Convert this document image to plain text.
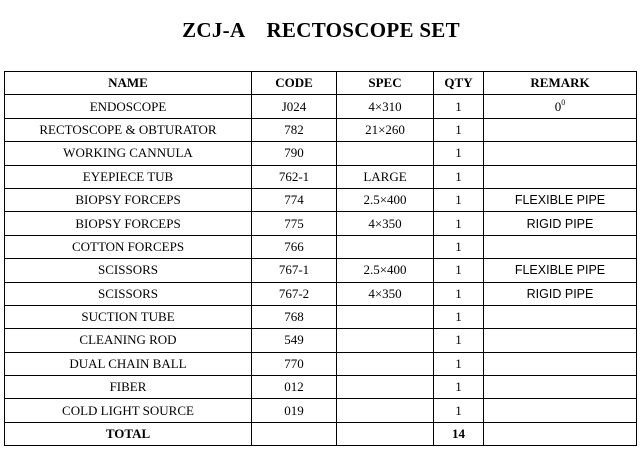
ZCJ-A    RECTOSCOPE SET
NAME	CODE	SPEC	QTY	REMARK
ENDOSCOPE	J024	4×310	1	$0^0$
RECTOSCOPE & OBTURATOR	782	21×260	1	
WORKING CANNULA	790		1	
EYEPIECE TUB	762-1	LARGE	1	
BIOPSY FORCEPS	774	2.5×400	1	FLEXIBLE PIPE
BIOPSY FORCEPS	775	4×350	1	RIGID PIPE
COTTON FORCEPS	766		1	
SCISSORS	767-1	2.5×400	1	FLEXIBLE PIPE
SCISSORS	767-2	4×350	1	RIGID PIPE
SUCTION TUBE	768		1	
CLEANING ROD	549		1	
DUAL CHAIN BALL	770		1	
FIBER	012		1	
COLD LIGHT SOURCE	019		1	
TOTAL			14	
